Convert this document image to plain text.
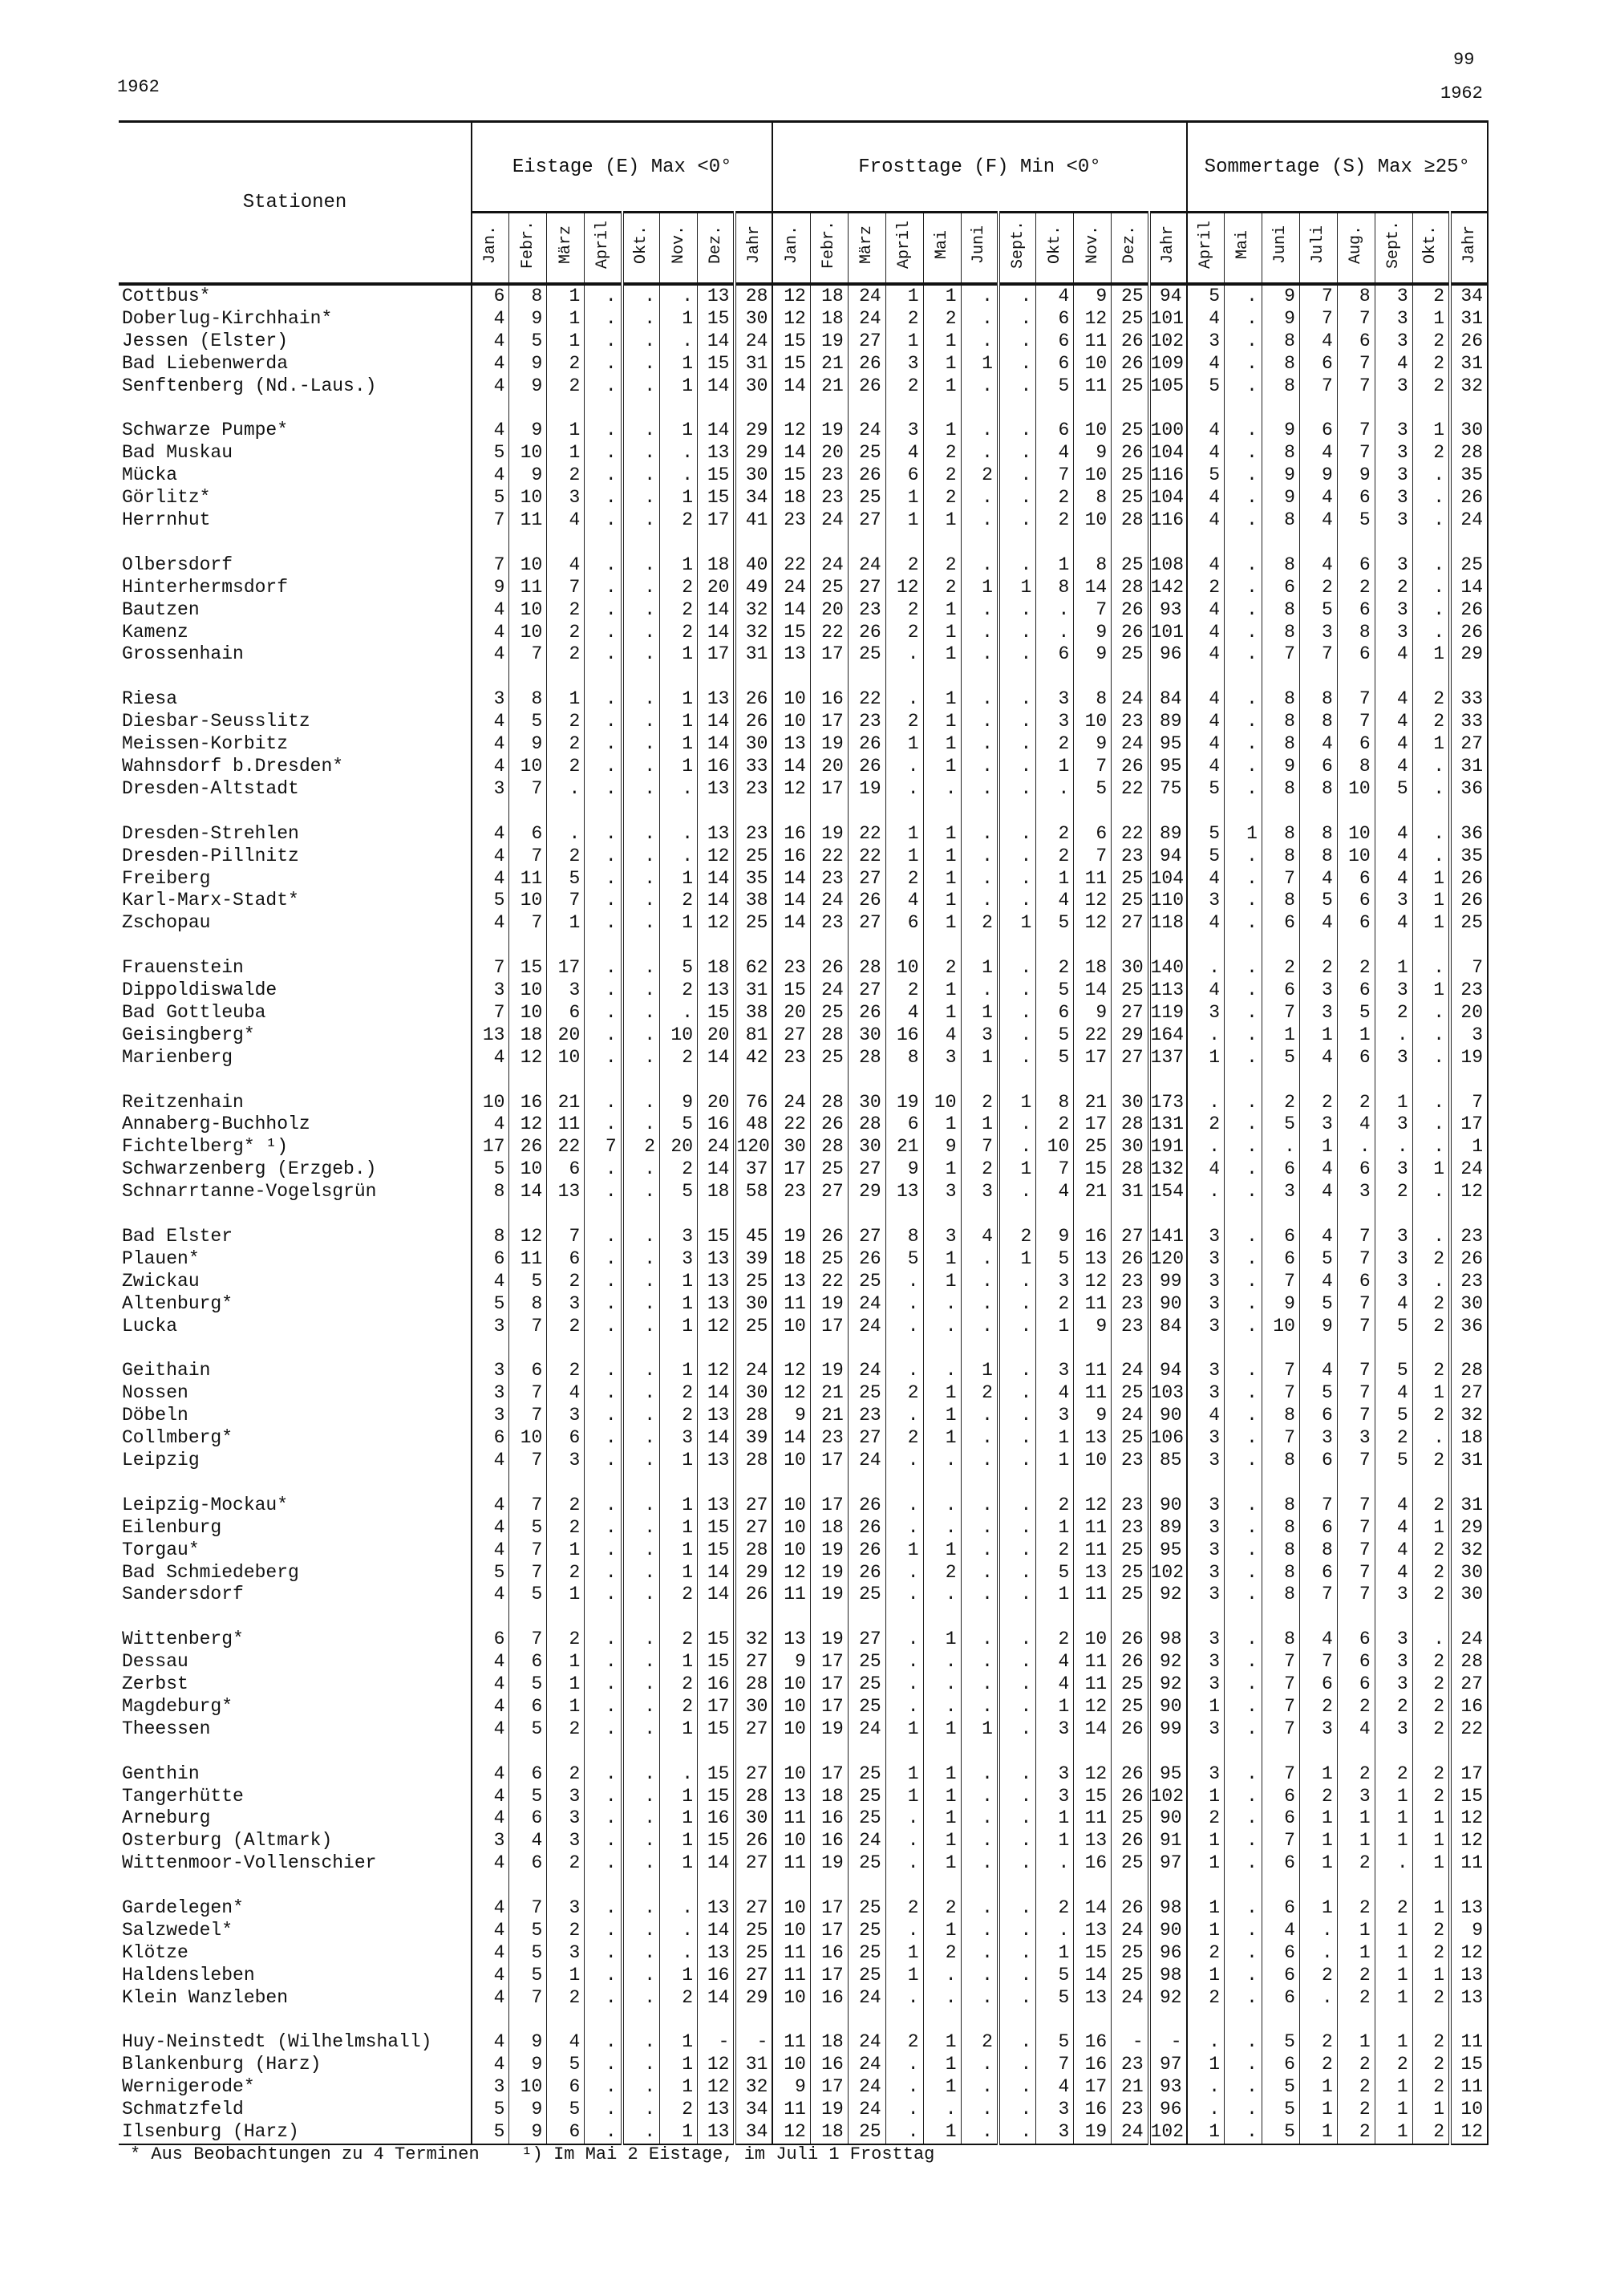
1962
99
1962
Stationen	Eistage (E) Max <0°								Frosttage (F) Min <0°											Sommertage (S) Max ≥25°							
	Jan.	Febr.	März	April	Okt.	Nov.	Dez.	Jahr	Jan.	Febr.	März	April	Mai	Juni	Sept.	Okt.	Nov.	Dez.	Jahr	April	Mai	Juni	Juli	Aug.	Sept.	Okt.	Jahr
Cottbus*	6	8	1	.	.	.	13	28	12	18	24	1	1	.	.	4	9	25	94	5	.	9	7	8	3	2	34
Doberlug-Kirchhain*	4	9	1	.	.	1	15	30	12	18	24	2	2	.	.	6	12	25	101	4	.	9	7	7	3	1	31
Jessen (Elster)	4	5	1	.	.	.	14	24	15	19	27	1	1	.	.	6	11	26	102	3	.	8	4	6	3	2	26
Bad Liebenwerda	4	9	2	.	.	1	15	31	15	21	26	3	1	1	.	6	10	26	109	4	.	8	6	7	4	2	31
Senftenberg (Nd.-Laus.)	4	9	2	.	.	1	14	30	14	21	26	2	1	.	.	5	11	25	105	5	.	8	7	7	3	2	32

Schwarze Pumpe*	4	9	1	.	.	1	14	29	12	19	24	3	1	.	.	6	10	25	100	4	.	9	6	7	3	1	30
Bad Muskau	5	10	1	.	.	.	13	29	14	20	25	4	2	.	.	4	9	26	104	4	.	8	4	7	3	2	28
Mücka	4	9	2	.	.	.	15	30	15	23	26	6	2	2	.	7	10	25	116	5	.	9	9	9	3	.	35
Görlitz*	5	10	3	.	.	1	15	34	18	23	25	1	2	.	.	2	8	25	104	4	.	9	4	6	3	.	26
Herrnhut	7	11	4	.	.	2	17	41	23	24	27	1	1	.	.	2	10	28	116	4	.	8	4	5	3	.	24

Olbersdorf	7	10	4	.	.	1	18	40	22	24	24	2	2	.	.	1	8	25	108	4	.	8	4	6	3	.	25
Hinterhermsdorf	9	11	7	.	.	2	20	49	24	25	27	12	2	1	1	8	14	28	142	2	.	6	2	2	2	.	14
Bautzen	4	10	2	.	.	2	14	32	14	20	23	2	1	.	.	.	7	26	93	4	.	8	5	6	3	.	26
Kamenz	4	10	2	.	.	2	14	32	15	22	26	2	1	.	.	.	9	26	101	4	.	8	3	8	3	.	26
Grossenhain	4	7	2	.	.	1	17	31	13	17	25	.	1	.	.	6	9	25	96	4	.	7	7	6	4	1	29

Riesa	3	8	1	.	.	1	13	26	10	16	22	.	1	.	.	3	8	24	84	4	.	8	8	7	4	2	33
Diesbar-Seusslitz	4	5	2	.	.	1	14	26	10	17	23	2	1	.	.	3	10	23	89	4	.	8	8	7	4	2	33
Meissen-Korbitz	4	9	2	.	.	1	14	30	13	19	26	1	1	.	.	2	9	24	95	4	.	8	4	6	4	1	27
Wahnsdorf b.Dresden*	4	10	2	.	.	1	16	33	14	20	26	.	1	.	.	1	7	26	95	4	.	9	6	8	4	.	31
Dresden-Altstadt	3	7	.	.	.	.	13	23	12	17	19	.	.	.	.	.	5	22	75	5	.	8	8	10	5	.	36

Dresden-Strehlen	4	6	.	.	.	.	13	23	16	19	22	1	1	.	.	2	6	22	89	5	1	8	8	10	4	.	36
Dresden-Pillnitz	4	7	2	.	.	.	12	25	16	22	22	1	1	.	.	2	7	23	94	5	.	8	8	10	4	.	35
Freiberg	4	11	5	.	.	1	14	35	14	23	27	2	1	.	.	1	11	25	104	4	.	7	4	6	4	1	26
Karl-Marx-Stadt*	5	10	7	.	.	2	14	38	14	24	26	4	1	.	.	4	12	25	110	3	.	8	5	6	3	1	26
Zschopau	4	7	1	.	.	1	12	25	14	23	27	6	1	2	1	5	12	27	118	4	.	6	4	6	4	1	25

Frauenstein	7	15	17	.	.	5	18	62	23	26	28	10	2	1	.	2	18	30	140	.	.	2	2	2	1	.	7
Dippoldiswalde	3	10	3	.	.	2	13	31	15	24	27	2	1	.	.	5	14	25	113	4	.	6	3	6	3	1	23
Bad Gottleuba	7	10	6	.	.	.	15	38	20	25	26	4	1	1	.	6	9	27	119	3	.	7	3	5	2	.	20
Geisingberg*	13	18	20	.	.	10	20	81	27	28	30	16	4	3	.	5	22	29	164	.	.	1	1	1	.	.	3
Marienberg	4	12	10	.	.	2	14	42	23	25	28	8	3	1	.	5	17	27	137	1	.	5	4	6	3	.	19

Reitzenhain	10	16	21	.	.	9	20	76	24	28	30	19	10	2	1	8	21	30	173	.	.	2	2	2	1	.	7
Annaberg-Buchholz	4	12	11	.	.	5	16	48	22	26	28	6	1	1	.	2	17	28	131	2	.	5	3	4	3	.	17
Fichtelberg* ¹)	17	26	22	7	2	20	24	120	30	28	30	21	9	7	.	10	25	30	191	.	.	.	1	.	.	.	1
Schwarzenberg (Erzgeb.)	5	10	6	.	.	2	14	37	17	25	27	9	1	2	1	7	15	28	132	4	.	6	4	6	3	1	24
Schnarrtanne-Vogelsgrün	8	14	13	.	.	5	18	58	23	27	29	13	3	3	.	4	21	31	154	.	.	3	4	3	2	.	12

Bad Elster	8	12	7	.	.	3	15	45	19	26	27	8	3	4	2	9	16	27	141	3	.	6	4	7	3	.	23
Plauen*	6	11	6	.	.	3	13	39	18	25	26	5	1	.	1	5	13	26	120	3	.	6	5	7	3	2	26
Zwickau	4	5	2	.	.	1	13	25	13	22	25	.	1	.	.	3	12	23	99	3	.	7	4	6	3	.	23
Altenburg*	5	8	3	.	.	1	13	30	11	19	24	.	.	.	.	2	11	23	90	3	.	9	5	7	4	2	30
Lucka	3	7	2	.	.	1	12	25	10	17	24	.	.	.	.	1	9	23	84	3	.	10	9	7	5	2	36

Geithain	3	6	2	.	.	1	12	24	12	19	24	.	.	1	.	3	11	24	94	3	.	7	4	7	5	2	28
Nossen	3	7	4	.	.	2	14	30	12	21	25	2	1	2	.	4	11	25	103	3	.	7	5	7	4	1	27
Döbeln	3	7	3	.	.	2	13	28	9	21	23	.	1	.	.	3	9	24	90	4	.	8	6	7	5	2	32
Collmberg*	6	10	6	.	.	3	14	39	14	23	27	2	1	.	.	1	13	25	106	3	.	7	3	3	2	.	18
Leipzig	4	7	3	.	.	1	13	28	10	17	24	.	.	.	.	1	10	23	85	3	.	8	6	7	5	2	31

Leipzig-Mockau*	4	7	2	.	.	1	13	27	10	17	26	.	.	.	.	2	12	23	90	3	.	8	7	7	4	2	31
Eilenburg	4	5	2	.	.	1	15	27	10	18	26	.	.	.	.	1	11	23	89	3	.	8	6	7	4	1	29
Torgau*	4	7	1	.	.	1	15	28	10	19	26	1	1	.	.	2	11	25	95	3	.	8	8	7	4	2	32
Bad Schmiedeberg	5	7	2	.	.	1	14	29	12	19	26	.	2	.	.	5	13	25	102	3	.	8	6	7	4	2	30
Sandersdorf	4	5	1	.	.	2	14	26	11	19	25	.	.	.	.	1	11	25	92	3	.	8	7	7	3	2	30

Wittenberg*	6	7	2	.	.	2	15	32	13	19	27	.	1	.	.	2	10	26	98	3	.	8	4	6	3	.	24
Dessau	4	6	1	.	.	1	15	27	9	17	25	.	.	.	.	4	11	26	92	3	.	7	7	6	3	2	28
Zerbst	4	5	1	.	.	2	16	28	10	17	25	.	.	.	.	4	11	25	92	3	.	7	6	6	3	2	27
Magdeburg*	4	6	1	.	.	2	17	30	10	17	25	.	.	.	.	1	12	25	90	1	.	7	2	2	2	2	16
Theessen	4	5	2	.	.	1	15	27	10	19	24	1	1	1	.	3	14	26	99	3	.	7	3	4	3	2	22

Genthin	4	6	2	.	.	.	15	27	10	17	25	1	1	.	.	3	12	26	95	3	.	7	1	2	2	2	17
Tangerhütte	4	5	3	.	.	1	15	28	13	18	25	1	1	.	.	3	15	26	102	1	.	6	2	3	1	2	15
Arneburg	4	6	3	.	.	1	16	30	11	16	25	.	1	.	.	1	11	25	90	2	.	6	1	1	1	1	12
Osterburg (Altmark)	3	4	3	.	.	1	15	26	10	16	24	.	1	.	.	1	13	26	91	1	.	7	1	1	1	1	12
Wittenmoor-Vollenschier	4	6	2	.	.	1	14	27	11	19	25	.	1	.	.	.	16	25	97	1	.	6	1	2	.	1	11

Gardelegen*	4	7	3	.	.	.	13	27	10	17	25	2	2	.	.	2	14	26	98	1	.	6	1	2	2	1	13
Salzwedel*	4	5	2	.	.	.	14	25	10	17	25	.	1	.	.	.	13	24	90	1	.	4	.	1	1	2	9
Klötze	4	5	3	.	.	.	13	25	11	16	25	1	2	.	.	1	15	25	96	2	.	6	.	1	1	2	12
Haldensleben	4	5	1	.	.	1	16	27	11	17	25	1	.	.	.	5	14	25	98	1	.	6	2	2	1	1	13
Klein Wanzleben	4	7	2	.	.	2	14	29	10	16	24	.	.	.	.	5	13	24	92	2	.	6	.	2	1	2	13

Huy-Neinstedt (Wilhelmshall)	4	9	4	.	.	1	-	-	11	18	24	2	1	2	.	5	16	-	-	.	.	5	2	1	1	2	11
Blankenburg (Harz)	4	9	5	.	.	1	12	31	10	16	24	.	1	.	.	7	16	23	97	1	.	6	2	2	2	2	15
Wernigerode*	3	10	6	.	.	1	12	32	9	17	24	.	1	.	.	4	17	21	93	.	.	5	1	2	1	2	11
Schmatzfeld	5	9	5	.	.	2	13	34	11	19	24	.	.	.	.	3	16	23	96	.	.	5	1	2	1	1	10
Ilsenburg (Harz)	5	9	6	.	.	1	13	34	12	18	25	.	1	.	.	3	19	24	102	1	.	5	1	2	1	2	12
* Aus Beobachtungen zu 4 Terminen ¹) Im Mai 2 Eistage, im Juli 1 Frosttag
